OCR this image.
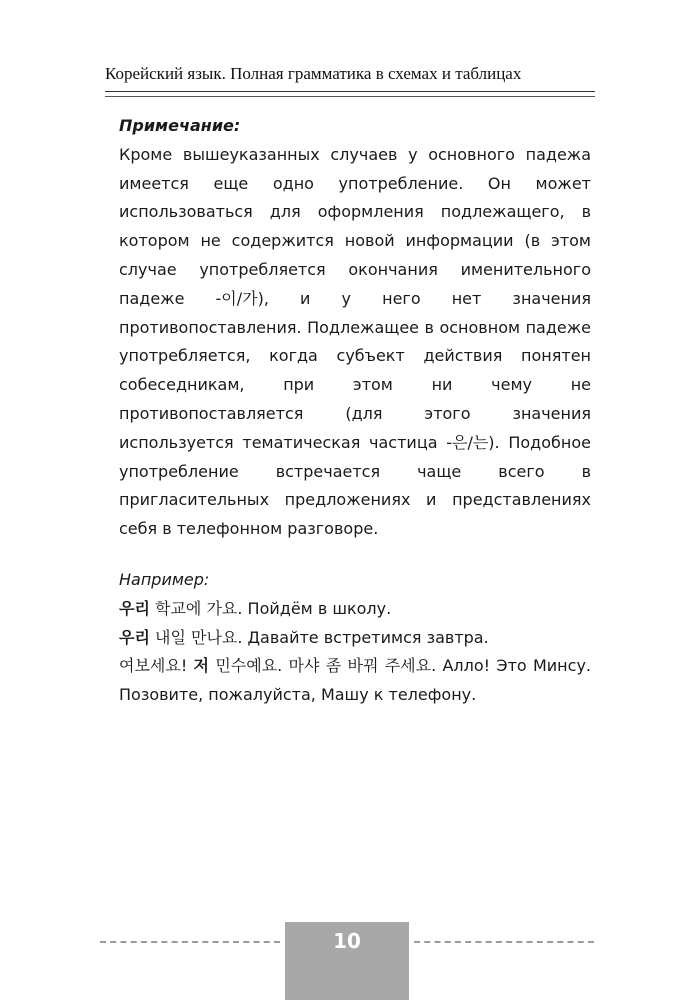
Корейский язык. Полная грамматика в схемах и таблицах

Примечание:

Кроме вышеуказанных случаев у основного падежа имеется еще одно употребление. Он может использоваться для оформления подлежащего, в котором не содержится новой информации (в этом случае употребляется окончания именительного падеже -이/가), и у него нет значения противопоставления. Подлежащее в основном падеже употребляется, когда субъект действия понятен собеседникам, при этом ни чему не противопоставляется (для этого значения используется тематическая частица -은/는). Подобное употребление встречается чаще всего в пригласительных предложениях и представлениях себя в телефонном разговоре.

Например:

우리 학교에 가요. Пойдём в школу.

우리 내일 만나요. Давайте встретимся завтра.

여보세요! 저 민수예요. 마샤 좀 바꿔 주세요. Алло! Это Минсу. Позовите, пожалуйста, Машу к телефону.

10
